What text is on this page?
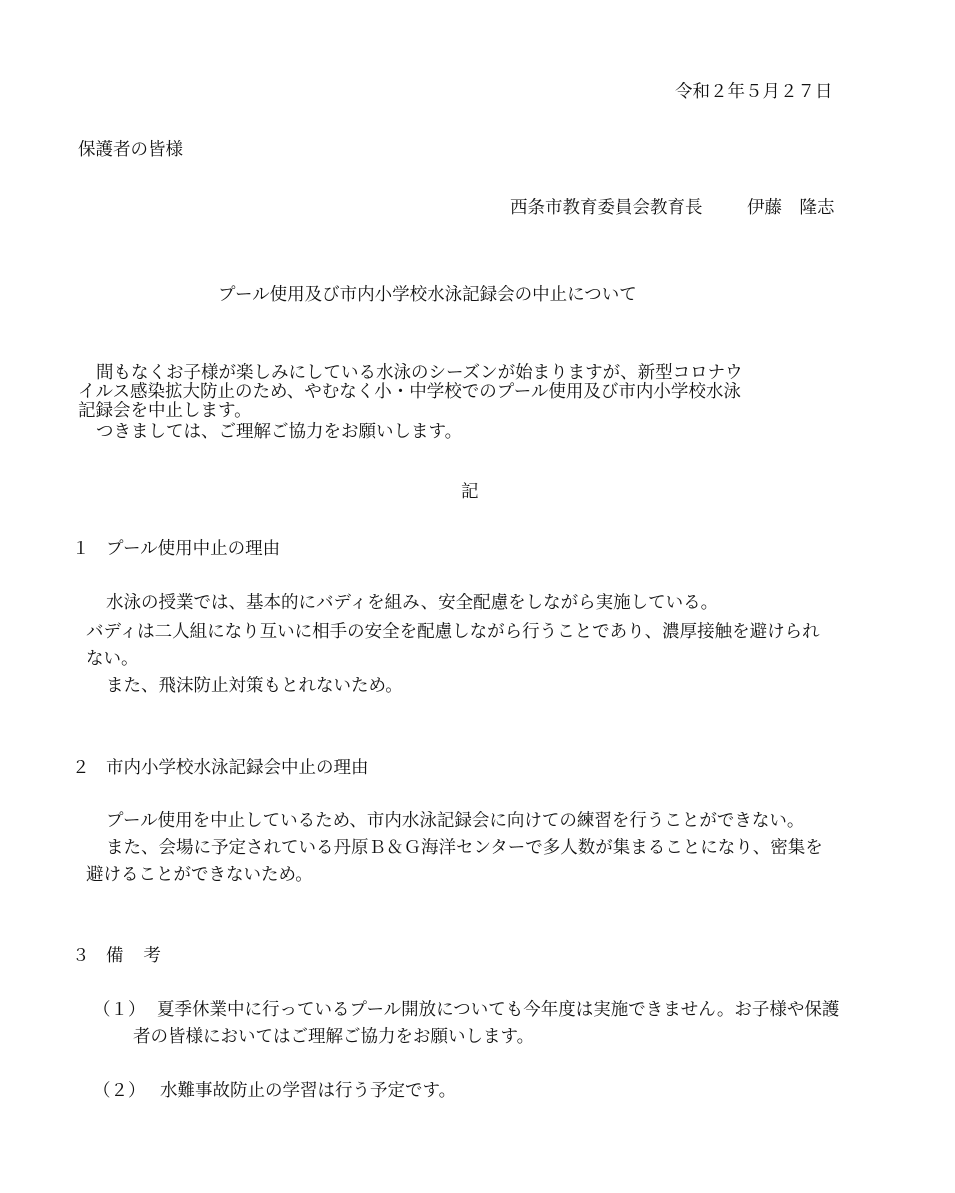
令和２年５月２７日
保護者の皆様
西条市教育委員会教育長	伊藤　隆志
プール使用及び市内小学校水泳記録会の中止について
間もなくお子様が楽しみにしている水泳のシーズンが始まりますが、新型コロナウ
イルス感染拡大防止のため、やむなく小・中学校でのプール使用及び市内小学校水泳
記録会を中止します。
つきましては、ご理解ご協力をお願いします。
記
１ プール使用中止の理由
水泳の授業では、基本的にバディを組み、安全配慮をしながら実施している。
バディは二人組になり互いに相手の安全を配慮しながら行うことであり、濃厚接触を避けられ
ない。
また、飛沫防止対策もとれないため。
２ 市内小学校水泳記録会中止の理由
プール使用を中止しているため、市内水泳記録会に向けての練習を行うことができない。
また、会場に予定されている丹原Ｂ＆Ｇ海洋センターで多人数が集まることになり、密集を
避けることができないため。
３ 備　考
（１） 夏季休業中に行っているプール開放についても今年度は実施できません。お子様や保護
者の皆様においてはご理解ご協力をお願いします。
（２） 水難事故防止の学習は行う予定です。
